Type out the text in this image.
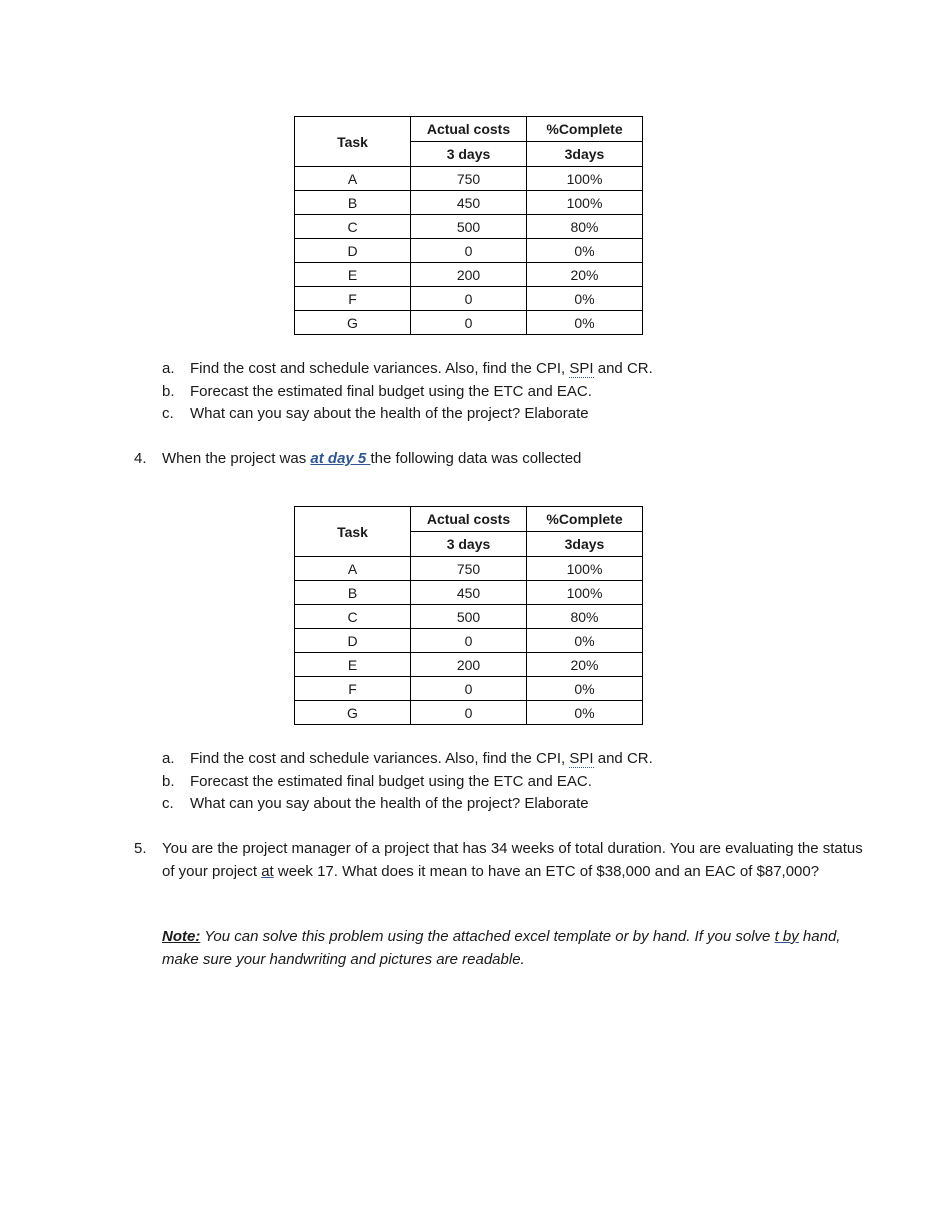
Task	Actual costs	%Complete
	3 days	3days
A	750	100%
B	450	100%
C	500	80%
D	0	0%
E	200	20%
F	0	0%
G	0	0%
a. Find the cost and schedule variances. Also, find the CPI, SPI and CR.
b. Forecast the estimated final budget using the ETC and EAC.
c. What can you say about the health of the project? Elaborate
4. When the project was at day 5 the following data was collected
Task	Actual costs	%Complete
	3 days	3days
A	750	100%
B	450	100%
C	500	80%
D	0	0%
E	200	20%
F	0	0%
G	0	0%
a. Find the cost and schedule variances. Also, find the CPI, SPI and CR.
b. Forecast the estimated final budget using the ETC and EAC.
c. What can you say about the health of the project? Elaborate
5. You are the project manager of a project that has 34 weeks of total duration. You are evaluating the status of your project at week 17. What does it mean to have an ETC of $38,000 and an EAC of $87,000?
Note: You can solve this problem using the attached excel template or by hand. If you solve t by hand, make sure your handwriting and pictures are readable.
